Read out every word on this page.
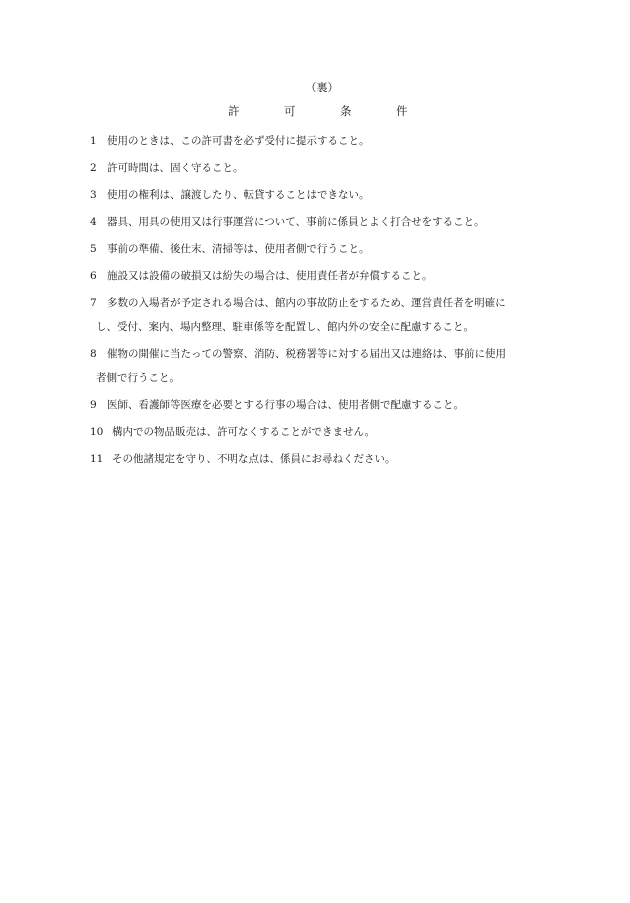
（裏）
許	可	条	件
1 使用のときは、この許可書を必ず受付に提示すること。
2 許可時間は、固く守ること。
3 使用の権利は、譲渡したり、転貸することはできない。
4 器具、用具の使用又は行事運営について、事前に係員とよく打合せをすること。
5 事前の準備、後仕末、清掃等は、使用者側で行うこと。
6 施設又は設備の破損又は紛失の場合は、使用責任者が弁償すること。
7 多数の入場者が予定される場合は、館内の事故防止をするため、運営責任者を明確に
し、受付、案内、場内整理、駐車係等を配置し、館内外の安全に配慮すること。
8 催物の開催に当たっての警察、消防、税務署等に対する届出又は連絡は、事前に使用
者側で行うこと。
9 医師、看護師等医療を必要とする行事の場合は、使用者側で配慮すること。
10 構内での物品販売は、許可なくすることができません。
11 その他諸規定を守り、不明な点は、係員にお尋ねください。
